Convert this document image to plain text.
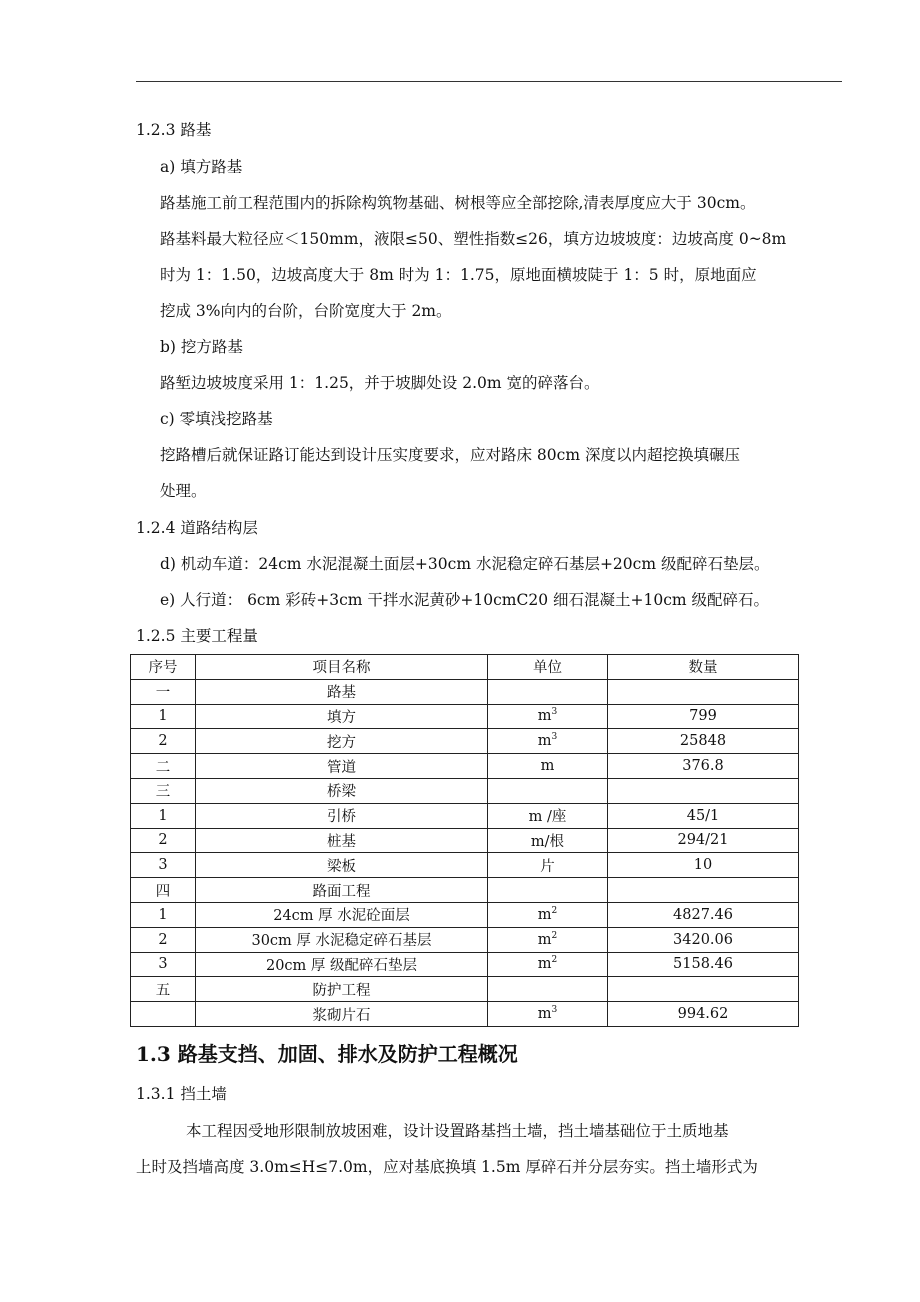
1.2.3 路基
a) 填方路基
路基施工前工程范围内的拆除构筑物基础、树根等应全部挖除,清表厚度应大于 30cm。
路基料最大粒径应＜150mm，液限≤50、塑性指数≤26，填方边坡坡度：边坡高度 0~8m
时为 1：1.50，边坡高度大于 8m 时为 1：1.75，原地面横坡陡于 1：5 时，原地面应
挖成 3%向内的台阶，台阶宽度大于 2m。
b) 挖方路基
路堑边坡坡度采用 1：1.25，并于坡脚处设 2.0m 宽的碎落台。
c) 零填浅挖路基
挖路槽后就保证路订能达到设计压实度要求，应对路床 80cm 深度以内超挖换填碾压
处理。
1.2.4 道路结构层
d) 机动车道：24cm 水泥混凝土面层+30cm 水泥稳定碎石基层+20cm 级配碎石垫层。
e) 人行道： 6cm 彩砖+3cm 干拌水泥黄砂+10cmC20 细石混凝土+10cm 级配碎石。
1.2.5 主要工程量
序号	项目名称	单位	数量
一	路基		
1	填方	$m^3$	799
2	挖方	$m^3$	25848
二	管道	m	376.8
三	桥梁		
1	引桥	m /座	45/1
2	桩基	m/根	294/21
3	梁板	片	10
四	路面工程		
1	24cm 厚 水泥砼面层	$m^2$	4827.46
2	30cm 厚 水泥稳定碎石基层	$m^2$	3420.06
3	20cm 厚 级配碎石垫层	$m^2$	5158.46
五	防护工程		
	浆砌片石	$m^3$	994.62
1.3 路基支挡、加固、排水及防护工程概况
1.3.1 挡土墙
本工程因受地形限制放坡困难，设计设置路基挡土墙，挡土墙基础位于土质地基
上时及挡墙高度 3.0m≤H≤7.0m，应对基底换填 1.5m 厚碎石并分层夯实。挡土墙形式为
